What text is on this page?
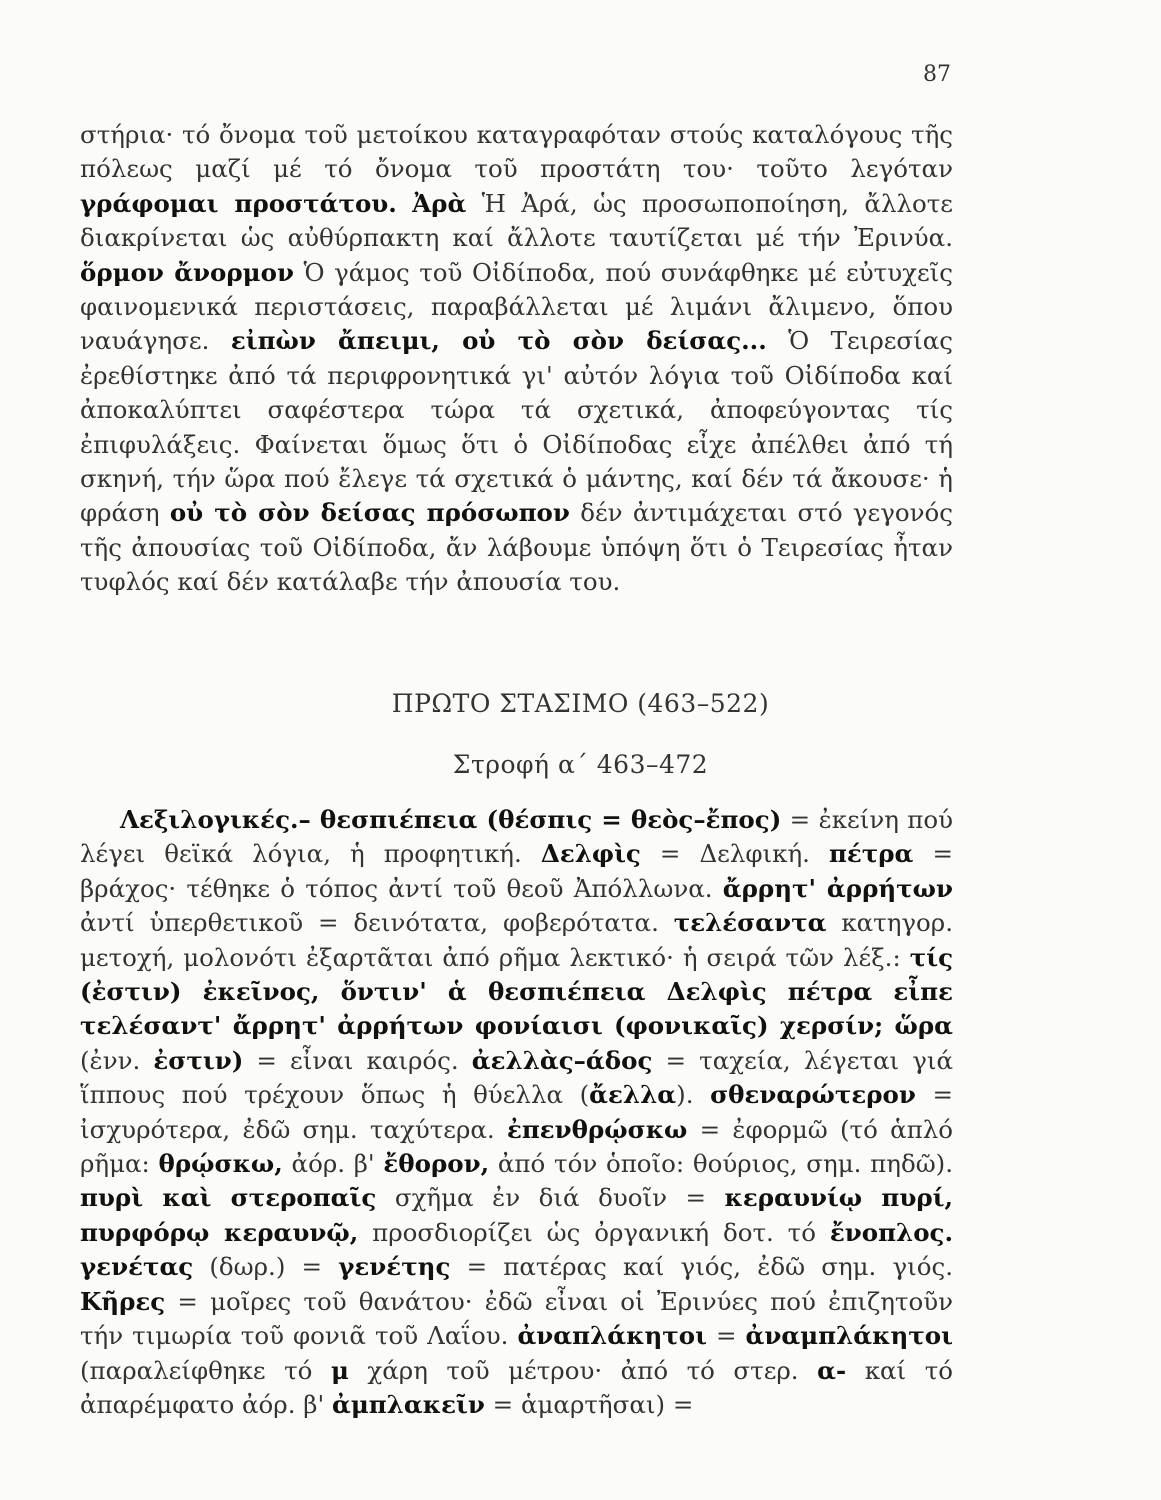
87

στήρια· τό ὄνομα τοῦ μετοίκου καταγραφόταν στούς καταλόγους τῆς πόλεως μαζί μέ τό ὄνομα τοῦ προστάτη του· τοῦτο λεγόταν γράφομαι προστάτου. Ἀρὰ Ἡ Ἀρά, ὡς προσωποποίηση, ἄλλοτε διακρίνεται ὡς αὐθύρπακτη καί ἄλλοτε ταυτίζεται μέ τήν Ἐρινύα. ὅρμον ἄνορμον Ὁ γάμος τοῦ Οἰδίποδα, πού συνάφθηκε μέ εὐτυχεῖς φαινομενικά περιστάσεις, παραβάλλεται μέ λιμάνι ἄλιμενο, ὅπου ναυάγησε. εἰπὼν ἄπειμι, οὐ τὸ σὸν δείσας... Ὁ Τειρεσίας ἐρεθίστηκε ἀπό τά περιφρονητικά γι' αὐτόν λόγια τοῦ Οἰδίποδα καί ἀποκαλύπτει σαφέστερα τώρα τά σχετικά, ἀποφεύγοντας τίς ἐπιφυλάξεις. Φαίνεται ὅμως ὅτι ὁ Οἰδίποδας εἶχε ἀπέλθει ἀπό τή σκηνή, τήν ὥρα πού ἔλεγε τά σχετικά ὁ μάντης, καί δέν τά ἄκουσε· ἡ φράση οὐ τὸ σὸν δείσας πρόσωπον δέν ἀντιμάχεται στό γεγονός τῆς ἀπουσίας τοῦ Οἰδίποδα, ἄν λάβουμε ὑπόψη ὅτι ὁ Τειρεσίας ἦταν τυφλός καί δέν κατάλαβε τήν ἀπουσία του.

ΠΡΩΤΟ ΣΤΑΣΙΜΟ (463–522)
Στροφή α΄ 463–472

Λεξιλογικές.– θεσπιέπεια (θέσπις = θεὸς–ἔπος) = ἐκείνη πού λέγει θεϊκά λόγια, ἡ προφητική. Δελφὶς = Δελφική. πέτρα = βράχος· τέθηκε ὁ τόπος ἀντί τοῦ θεοῦ Ἀπόλλωνα. ἄρρητ' ἀρρήτων ἀντί ὑπερθετικοῦ = δεινότατα, φοβερότατα. τελέσαντα κατηγορ. μετοχή, μολονότι ἐξαρτᾶται ἀπό ρῆμα λεκτικό· ἡ σειρά τῶν λέξ.: τίς (ἐστιν) ἐκεῖνος, ὅντιν' ἁ θεσπιέπεια Δελφὶς πέτρα εἶπε τελέσαντ' ἄρρητ' ἀρρήτων φονίαισι (φονικαῖς) χερσίν; ὥρα (ἐνν. ἐστιν) = εἶναι καιρός. ἀελλὰς–άδος = ταχεία, λέγεται γιά ἵππους πού τρέχουν ὅπως ἡ θύελλα (ἄελλα). σθεναρώτερον = ἰσχυρότερα, ἐδῶ σημ. ταχύτερα. ἐπενθρῴσκω = ἐφορμῶ (τό ἁπλό ρῆμα: θρῴσκω, ἀόρ. β' ἔθορον, ἀπό τόν ὁποῖο: θούριος, σημ. πηδῶ). πυρὶ καὶ στεροπαῖς σχῆμα ἐν διά δυοῖν = κεραυνίῳ πυρί, πυρφόρῳ κεραυνῷ, προσδιορίζει ὡς ὀργανική δοτ. τό ἔνοπλος. γενέτας (δωρ.) = γενέτης = πατέρας καί γιός, ἐδῶ σημ. γιός. Κῆρες = μοῖρες τοῦ θανάτου· ἐδῶ εἶναι οἱ Ἐρινύες πού ἐπιζητοῦν τήν τιμωρία τοῦ φονιᾶ τοῦ Λαΐου. ἀναπλάκητοι = ἀναμπλάκητοι (παραλείφθηκε τό μ χάρη τοῦ μέτρου· ἀπό τό στερ. α- καί τό ἀπαρέμφατο ἀόρ. β' ἀμπλακεῖν = ἁμαρτῆσαι) =
